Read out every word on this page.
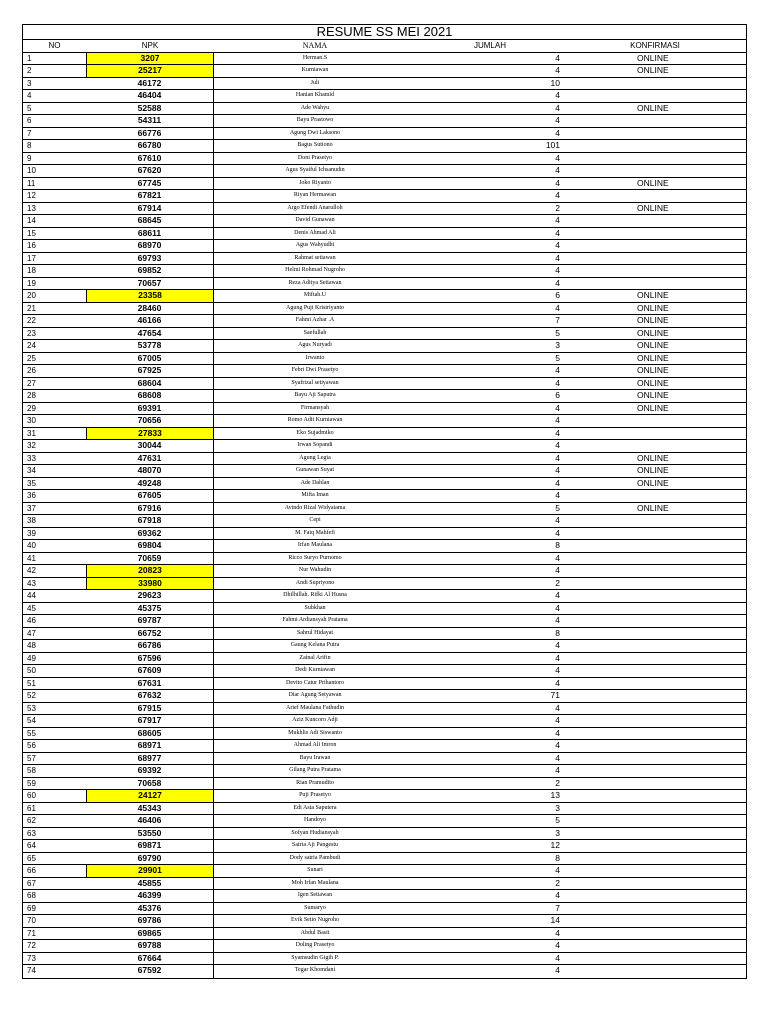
RESUME SS MEI 2021
NO	NPK	NAMA	JUMLAH	KONFIRMASI
1	3207	Herman.S	4	ONLINE
2	25217	Kurniawan	4	ONLINE
3	46172	Juli	10
4	46404	Hanian Khamid	4
5	52588	Ade Wahyu	4	ONLINE
6	54311	Bayu Prastowo	4
7	66776	Agung Dwi Laksono	4
8	66780	Bagus Sutiono	101
9	67610	Doni Prasetyo	4
10	67620	Agus Syaiful Ichsanudin	4
11	67745	Joko Riyanto	4	ONLINE
12	67821	Riyan Hermawan	4
13	67914	Argo Efendi Anarulloh	2	ONLINE
14	68645	David Gunawan	4
15	68611	Denis Ahmad Ali	4
16	68970	Agus Wahyudhi	4
17	69793	Rahmat setiawan	4
18	69852	Helmi Rohmad Nugroho	4
19	70657	Reza Aditya Setiawan	4
20	23358	Miftah.U	6	ONLINE
21	28460	Agung Puji Kristriyanto	4	ONLINE
22	46166	Fahmi Azhar .A	7	ONLINE
23	47654	Saefullah	5	ONLINE
24	53778	Agus Nuryadi	3	ONLINE
25	67005	Irwanto	5	ONLINE
26	67925	Febri Dwi Prasetyo	4	ONLINE
27	68604	Syafrizal setiyawan	4	ONLINE
28	68608	Bayu Aji Saputra	6	ONLINE
29	69391	Firmansyah	4	ONLINE
30	70656	Romo Adit Kurniawan	4
31	27833	Eko Sujadmiko	4
32	30044	Irwan Sopandi	4
33	47631	Agung Legia	4	ONLINE
34	48070	Gunawan Suyat	4	ONLINE
35	49248	Ade Dahlan	4	ONLINE
36	67605	Mifta Iman	4
37	67916	Avindo Rizal Widyatama	5	ONLINE
38	67918	Cepi	4
39	69362	M. Faiq Mahfefi	4
40	69804	Irfan Maulana	8
41	70659	Ricco Suryo Purnomo	4
42	20823	Nur Wahudin	4
43	33980	Andi Supriyono	2
44	29623	Dhilhillah. Rifki Al Husna	4
45	45375	Subkhan	4
46	69787	Fahmi Ardiansyah Pratama	4
47	66752	Sahrul Hidayat	8
48	66786	Gaung Kelana Putra	4
49	67596	Zainal Arifin	4
50	67609	Dedi Kurniawan	4
51	67631	Devito Catur Prihantoro	4
52	67632	Diar Agung Setyawan	71
53	67915	Arief Maulana Fathudin	4
54	67917	Aziz Kuncoro Adji	4
55	68605	Mukhlis Adi Siswanto	4
56	68971	Ahmad Ali Imron	4
57	68977	Bayu Irawan	4
58	69392	Gilang Putra Pratama	4
59	70658	Rian Pramudito	2
60	24127	Puji Prasetyo	13
61	45343	Edi Asta Saputera	3
62	46406	Handoyo	5
63	53550	Sofyan Hudiansyah	3
64	69871	Satria Aji Pangestu	12
65	69790	Dody satria Pambudi	8
66	29901	Sunari	4
67	45855	Moh Irfan Maulana	2
68	46399	Igen Setiawan	4
69	45376	Sumaryo	7
70	69786	Evik Setio Nugroho	14
71	69865	Abdul Basit	4
72	69788	Doling Prasetyo	4
73	67664	Syamsudin Gigih P.	4
74	67592	Tegar Khomdani	4
